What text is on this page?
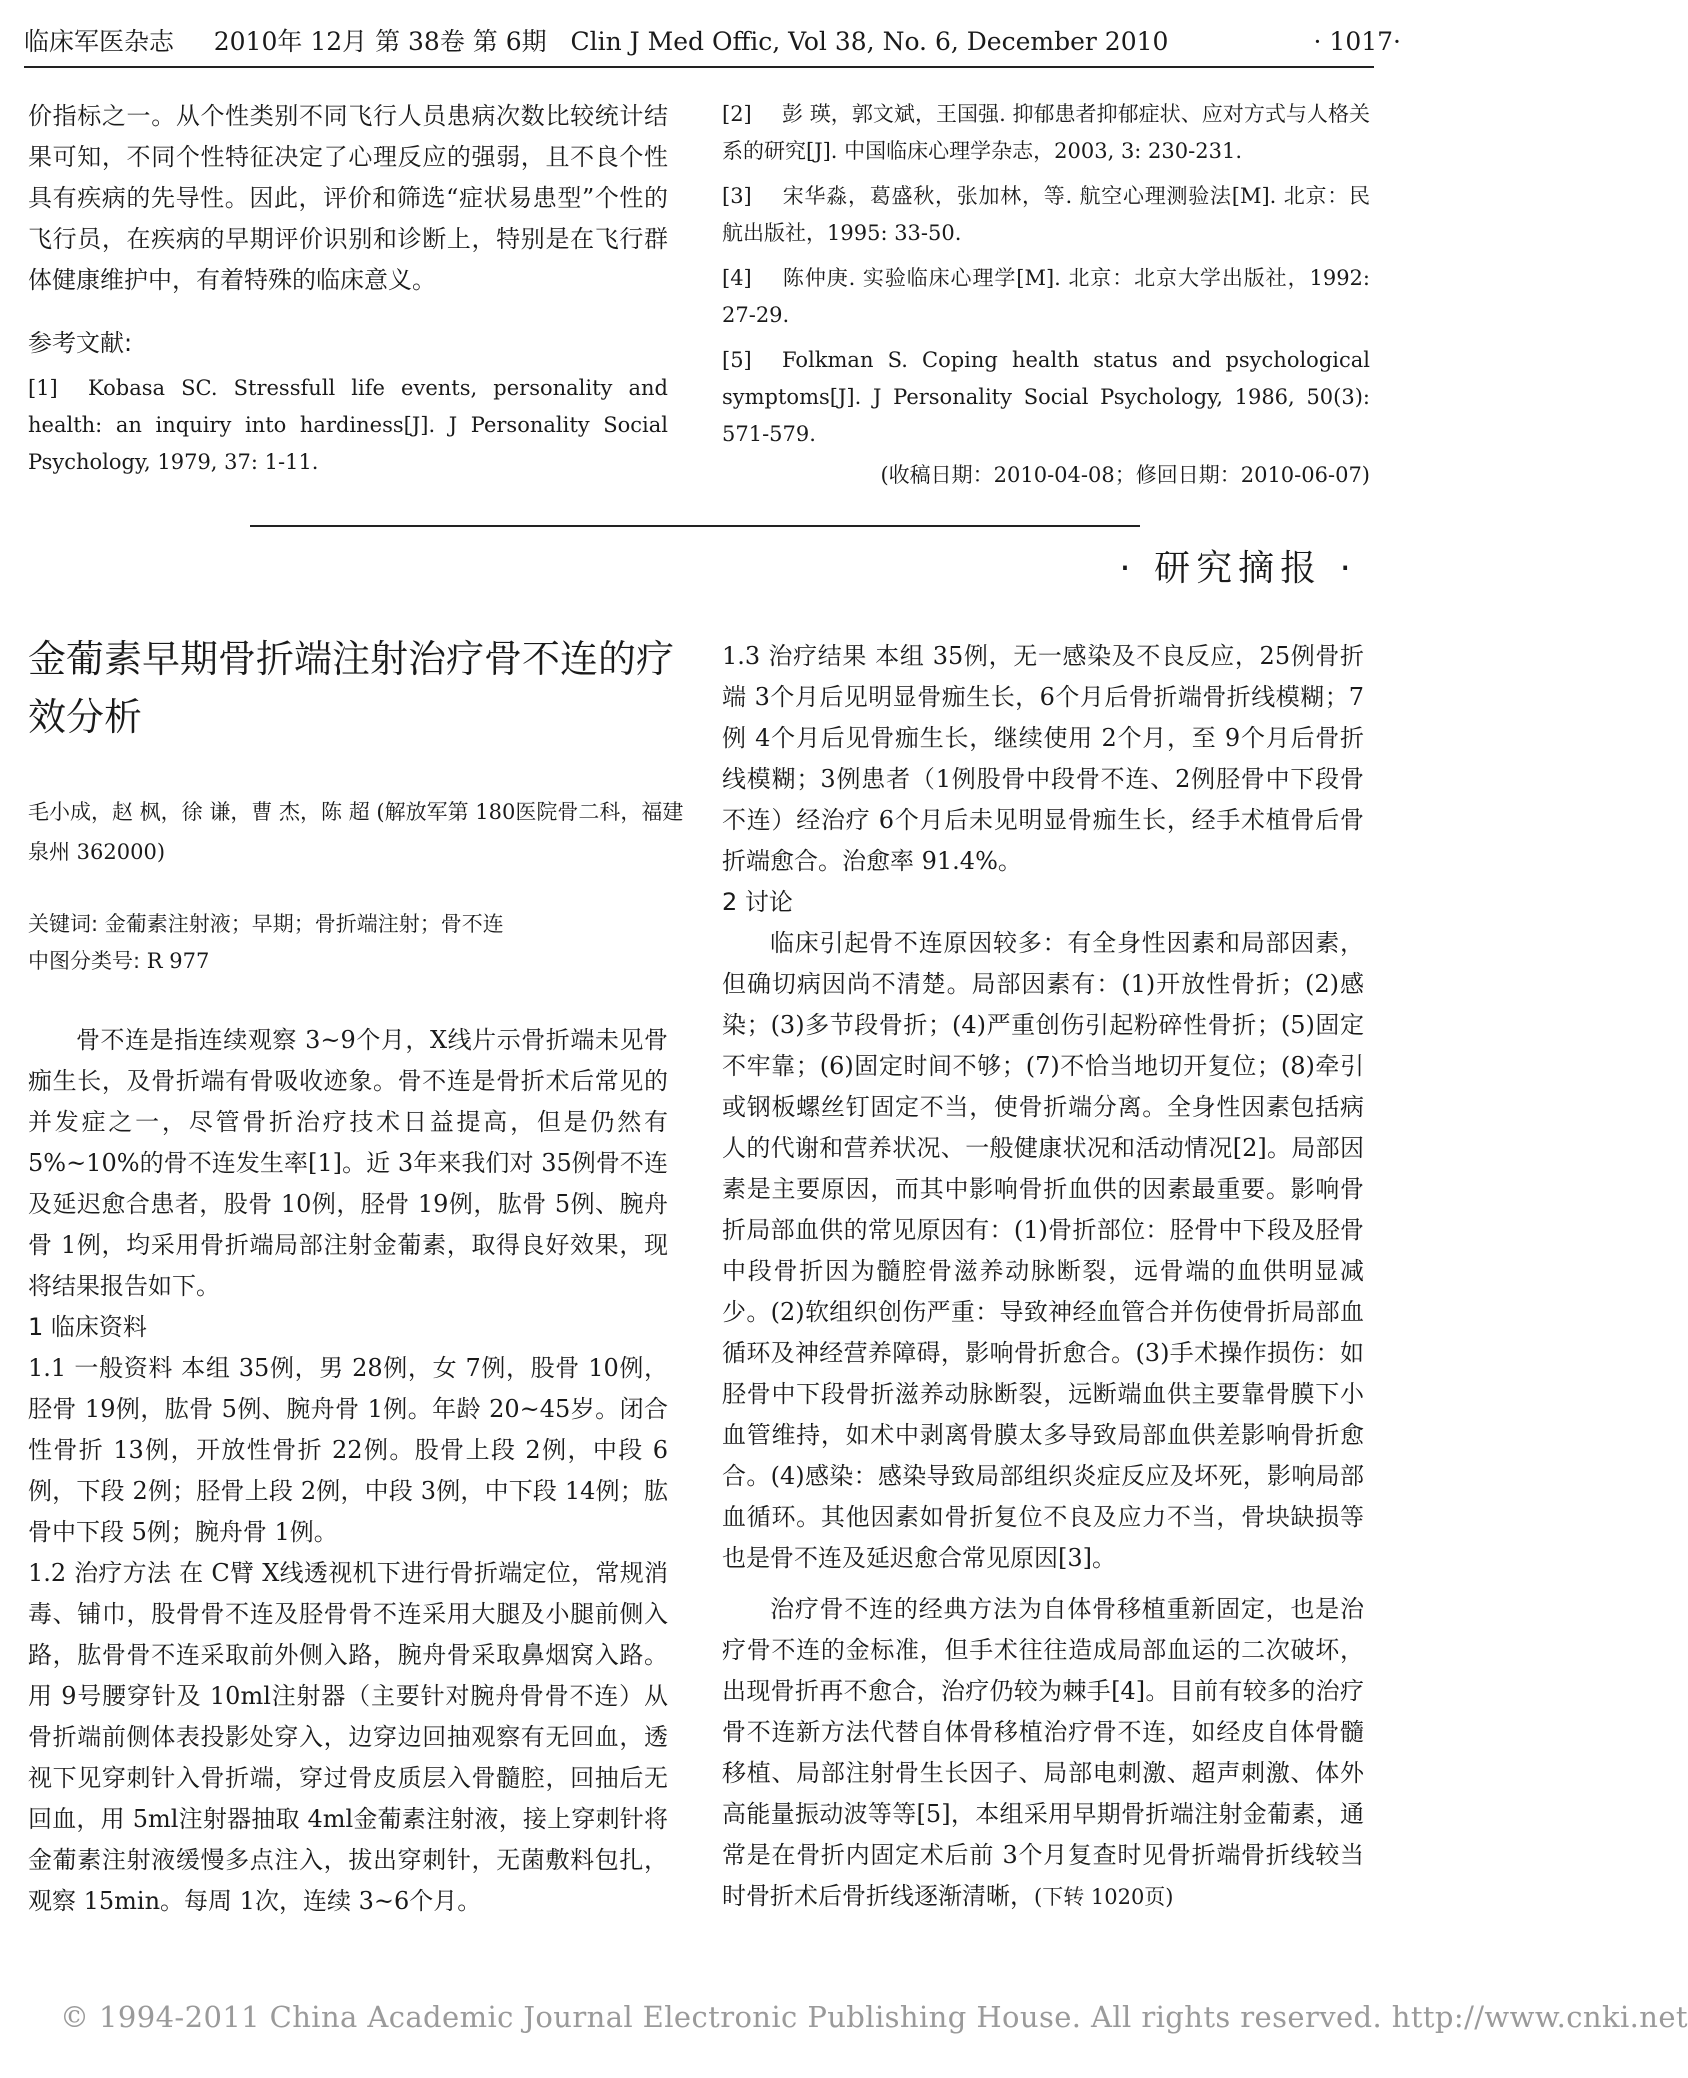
临床军医杂志 2010年 12月 第 38卷 第 6期 Clin J Med Offic, Vol 38, No. 6, December 2010	· 1017·

价指标之一。从个性类别不同飞行人员患病次数比较统计结果可知，不同个性特征决定了心理反应的强弱，且不良个性具有疾病的先导性。因此，评价和筛选“症状易患型”个性的飞行员，在疾病的早期评价识别和诊断上，特别是在飞行群体健康维护中，有着特殊的临床意义。

参考文献:

[1] Kobasa SC. Stressfull life events, personality and health: an inquiry into hardiness[J]. J Personality Social Psychology, 1979, 37: 1-11.

[2] 彭 瑛，郭文斌，王国强. 抑郁患者抑郁症状、应对方式与人格关系的研究[J]. 中国临床心理学杂志，2003, 3: 230-231.

[3] 宋华淼，葛盛秋，张加林，等. 航空心理测验法[M]. 北京：民航出版社，1995: 33-50.

[4] 陈仲庚. 实验临床心理学[M]. 北京：北京大学出版社，1992: 27-29.

[5] Folkman S. Coping health status and psychological symptoms[J]. J Personality Social Psychology, 1986, 50(3): 571-579.

(收稿日期：2010-04-08；修回日期：2010-06-07)

· 研究摘报 ·
金葡素早期骨折端注射治疗骨不连的疗效分析
毛小成，赵 枫，徐 谦，曹 杰，陈 超 (解放军第 180医院骨二科，福建 泉州 362000)
关键词: 金葡素注射液；早期；骨折端注射；骨不连
中图分类号: R 977

骨不连是指连续观察 3~9个月，X线片示骨折端未见骨痂生长，及骨折端有骨吸收迹象。骨不连是骨折术后常见的并发症之一，尽管骨折治疗技术日益提高，但是仍然有 5%~10%的骨不连发生率[1]。近 3年来我们对 35例骨不连及延迟愈合患者，股骨 10例，胫骨 19例，肱骨 5例、腕舟骨 1例，均采用骨折端局部注射金葡素，取得良好效果，现将结果报告如下。

1 临床资料

1.1 一般资料 本组 35例，男 28例，女 7例，股骨 10例，胫骨 19例，肱骨 5例、腕舟骨 1例。年龄 20~45岁。闭合性骨折 13例，开放性骨折 22例。股骨上段 2例，中段 6例，下段 2例；胫骨上段 2例，中段 3例，中下段 14例；肱骨中下段 5例；腕舟骨 1例。

1.2 治疗方法 在 C臂 X线透视机下进行骨折端定位，常规消毒、铺巾，股骨骨不连及胫骨骨不连采用大腿及小腿前侧入路，肱骨骨不连采取前外侧入路，腕舟骨采取鼻烟窝入路。用 9号腰穿针及 10ml注射器（主要针对腕舟骨骨不连）从骨折端前侧体表投影处穿入，边穿边回抽观察有无回血，透视下见穿刺针入骨折端，穿过骨皮质层入骨髓腔，回抽后无回血，用 5ml注射器抽取 4ml金葡素注射液，接上穿刺针将金葡素注射液缓慢多点注入，拔出穿刺针，无菌敷料包扎，观察 15min。每周 1次，连续 3~6个月。

1.3 治疗结果 本组 35例，无一感染及不良反应，25例骨折端 3个月后见明显骨痂生长，6个月后骨折端骨折线模糊；7例 4个月后见骨痂生长，继续使用 2个月，至 9个月后骨折线模糊；3例患者（1例股骨中段骨不连、2例胫骨中下段骨不连）经治疗 6个月后未见明显骨痂生长，经手术植骨后骨折端愈合。治愈率 91.4%。

2 讨论

临床引起骨不连原因较多：有全身性因素和局部因素，但确切病因尚不清楚。局部因素有：(1)开放性骨折；(2)感染；(3)多节段骨折；(4)严重创伤引起粉碎性骨折；(5)固定不牢靠；(6)固定时间不够；(7)不恰当地切开复位；(8)牵引或钢板螺丝钉固定不当，使骨折端分离。全身性因素包括病人的代谢和营养状况、一般健康状况和活动情况[2]。局部因素是主要原因，而其中影响骨折血供的因素最重要。影响骨折局部血供的常见原因有：(1)骨折部位：胫骨中下段及胫骨中段骨折因为髓腔骨滋养动脉断裂，远骨端的血供明显减少。(2)软组织创伤严重：导致神经血管合并伤使骨折局部血循环及神经营养障碍，影响骨折愈合。(3)手术操作损伤：如胫骨中下段骨折滋养动脉断裂，远断端血供主要靠骨膜下小血管维持，如术中剥离骨膜太多导致局部血供差影响骨折愈合。(4)感染：感染导致局部组织炎症反应及坏死，影响局部血循环。其他因素如骨折复位不良及应力不当，骨块缺损等也是骨不连及延迟愈合常见原因[3]。

治疗骨不连的经典方法为自体骨移植重新固定，也是治疗骨不连的金标准，但手术往往造成局部血运的二次破坏，出现骨折再不愈合，治疗仍较为棘手[4]。目前有较多的治疗骨不连新方法代替自体骨移植治疗骨不连，如经皮自体骨髓移植、局部注射骨生长因子、局部电刺激、超声刺激、体外高能量振动波等等[5]，本组采用早期骨折端注射金葡素，通常是在骨折内固定术后前 3个月复查时见骨折端骨折线较当时骨折术后骨折线逐渐清晰，(下转 1020页)

© 1994-2011 China Academic Journal Electronic Publishing House. All rights reserved. http://www.cnki.net
